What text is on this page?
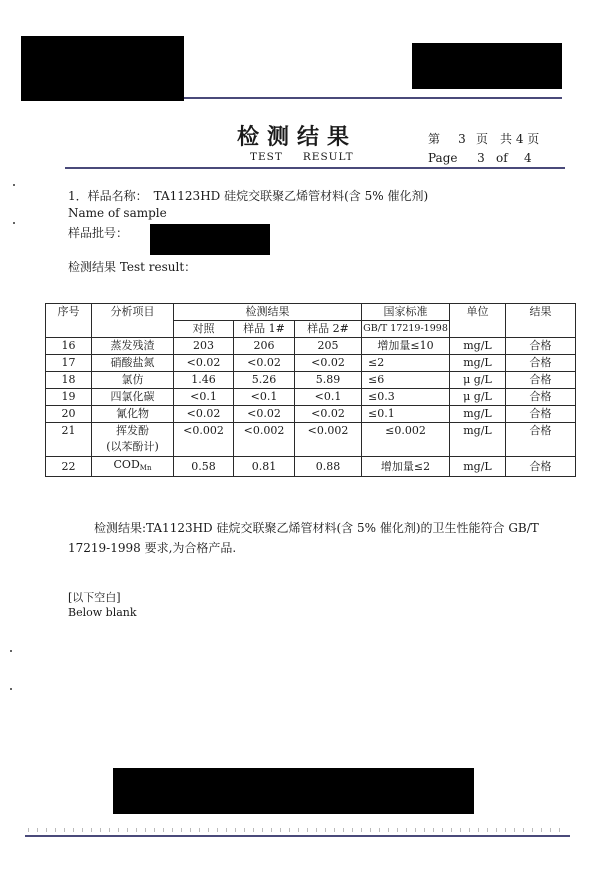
检测结果
TEST RESULT
第 3 页 共 4 页
Page 3 of 4
1．样品名称： TA1123HD 硅烷交联聚乙烯管材料(含 5% 催化剂)
Name of sample
样品批号：
检测结果 Test result：
序号	分析项目	检测结果			国家标准	单位	结果
		对照	样品 1#	样品 2#	GB/T 17219-1998		
16	蒸发残渣	203	206	205	增加量≤10	mg/L	合格
17	硝酸盐氮	<0.02	<0.02	<0.02	≤2	mg/L	合格
18	氯仿	1.46	5.26	5.89	≤6	μ g/L	合格
19	四氯化碳	<0.1	<0.1	<0.1	≤0.3	μ g/L	合格
20	氰化物	<0.02	<0.02	<0.02	≤0.1	mg/L	合格
21	挥发酚
(以苯酚计)	<0.002	<0.002	<0.002	≤0.002	mg/L	合格
22	$COD_{Mn}$	0.58	0.81	0.88	增加量≤2	mg/L	合格
检测结果:TA1123HD 硅烷交联聚乙烯管材料(含 5% 催化剂)的卫生性能符合 GB/T 17219-1998 要求,为合格产品.
[以下空白]
Below blank
